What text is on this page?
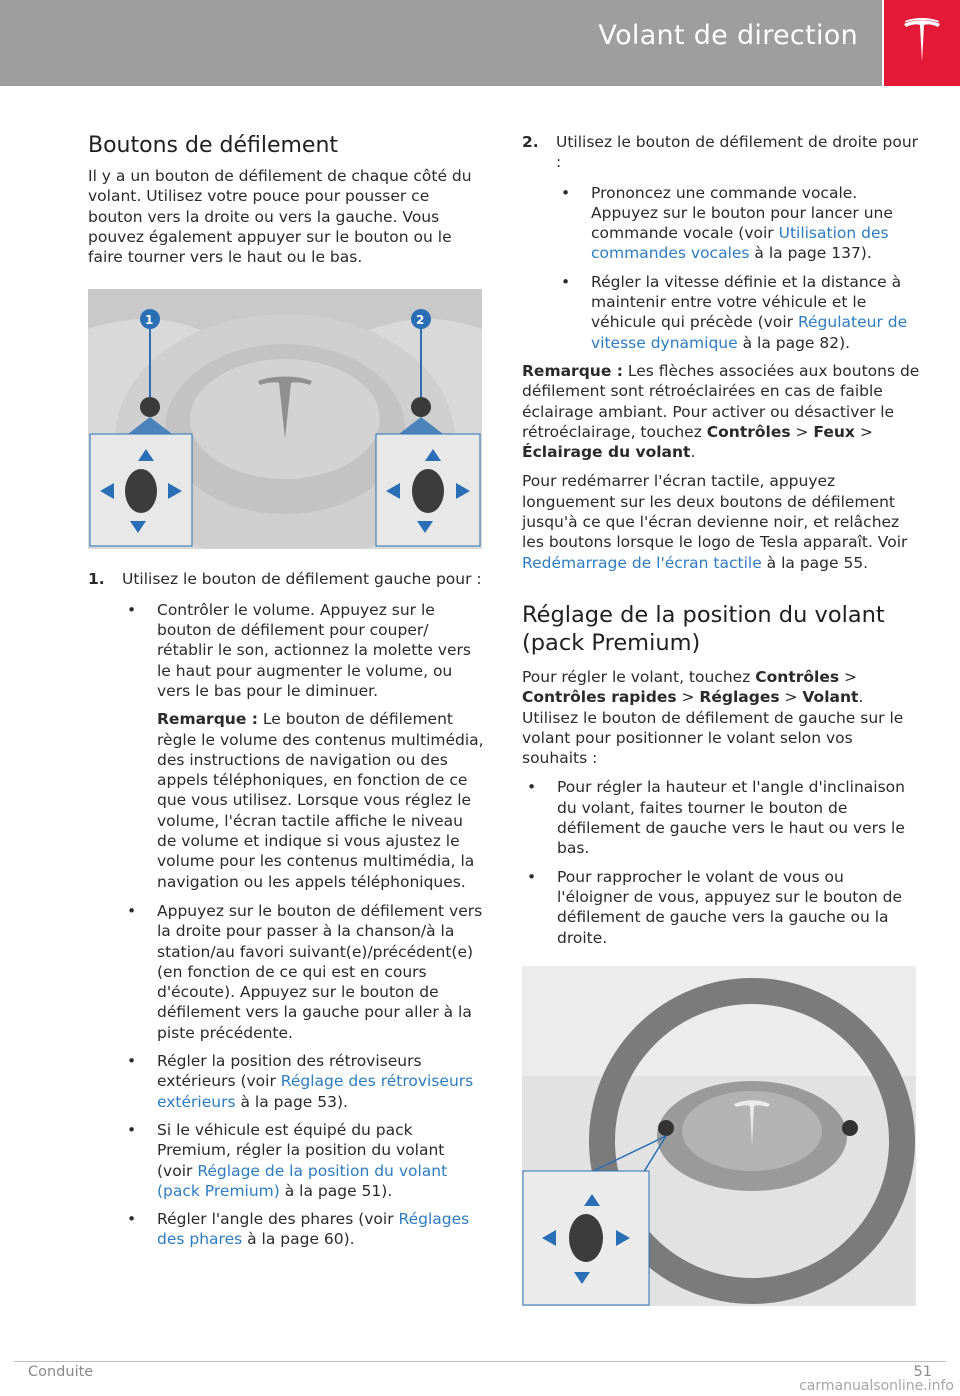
Volant de direction
Boutons de défilement

Il y a un bouton de défilement de chaque côté du volant. Utilisez votre pouce pour pousser ce bouton vers la droite ou vers la gauche. Vous pouvez également appuyer sur le bouton ou le faire tourner vers le haut ou le bas.

1	2
1. Utilisez le bouton de défilement gauche pour :
• Contrôler le volume. Appuyez sur le bouton de défilement pour couper/ rétablir le son, actionnez la molette vers le haut pour augmenter le volume, ou vers le bas pour le diminuer.

Remarque : Le bouton de défilement règle le volume des contenus multimédia, des instructions de navigation ou des appels téléphoniques, en fonction de ce que vous utilisez. Lorsque vous réglez le volume, l'écran tactile affiche le niveau de volume et indique si vous ajustez le volume pour les contenus multimédia, la navigation ou les appels téléphoniques.

• Appuyez sur le bouton de défilement vers la droite pour passer à la chanson/à la station/au favori suivant(e)/précédent(e) (en fonction de ce qui est en cours d'écoute). Appuyez sur le bouton de défilement vers la gauche pour aller à la piste précédente.
• Régler la position des rétroviseurs extérieurs (voir Réglage des rétroviseurs extérieurs à la page 53).
• Si le véhicule est équipé du pack Premium, régler la position du volant (voir Réglage de la position du volant (pack Premium) à la page 51).
• Régler l'angle des phares (voir Réglages des phares à la page 60).
2. Utilisez le bouton de défilement de droite pour :
• Prononcez une commande vocale. Appuyez sur le bouton pour lancer une commande vocale (voir Utilisation des commandes vocales à la page 137).
• Régler la vitesse définie et la distance à maintenir entre votre véhicule et le véhicule qui précède (voir Régulateur de vitesse dynamique à la page 82).

Remarque : Les flèches associées aux boutons de défilement sont rétroéclairées en cas de faible éclairage ambiant. Pour activer ou désactiver le rétroéclairage, touchez Contrôles > Feux > Éclairage du volant.

Pour redémarrer l'écran tactile, appuyez longuement sur les deux boutons de défilement jusqu'à ce que l'écran devienne noir, et relâchez les boutons lorsque le logo de Tesla apparaît. Voir Redémarrage de l'écran tactile à la page 55.

Réglage de la position du volant (pack Premium)

Pour régler le volant, touchez Contrôles > Contrôles rapides > Réglages > Volant. Utilisez le bouton de défilement de gauche sur le volant pour positionner le volant selon vos souhaits :

• Pour régler la hauteur et l'angle d'inclinaison du volant, faites tourner le bouton de défilement de gauche vers le haut ou vers le bas.
• Pour rapprocher le volant de vous ou l'éloigner de vous, appuyez sur le bouton de défilement de gauche vers la gauche ou la droite.
Conduite	51
carmanualsonline.info
